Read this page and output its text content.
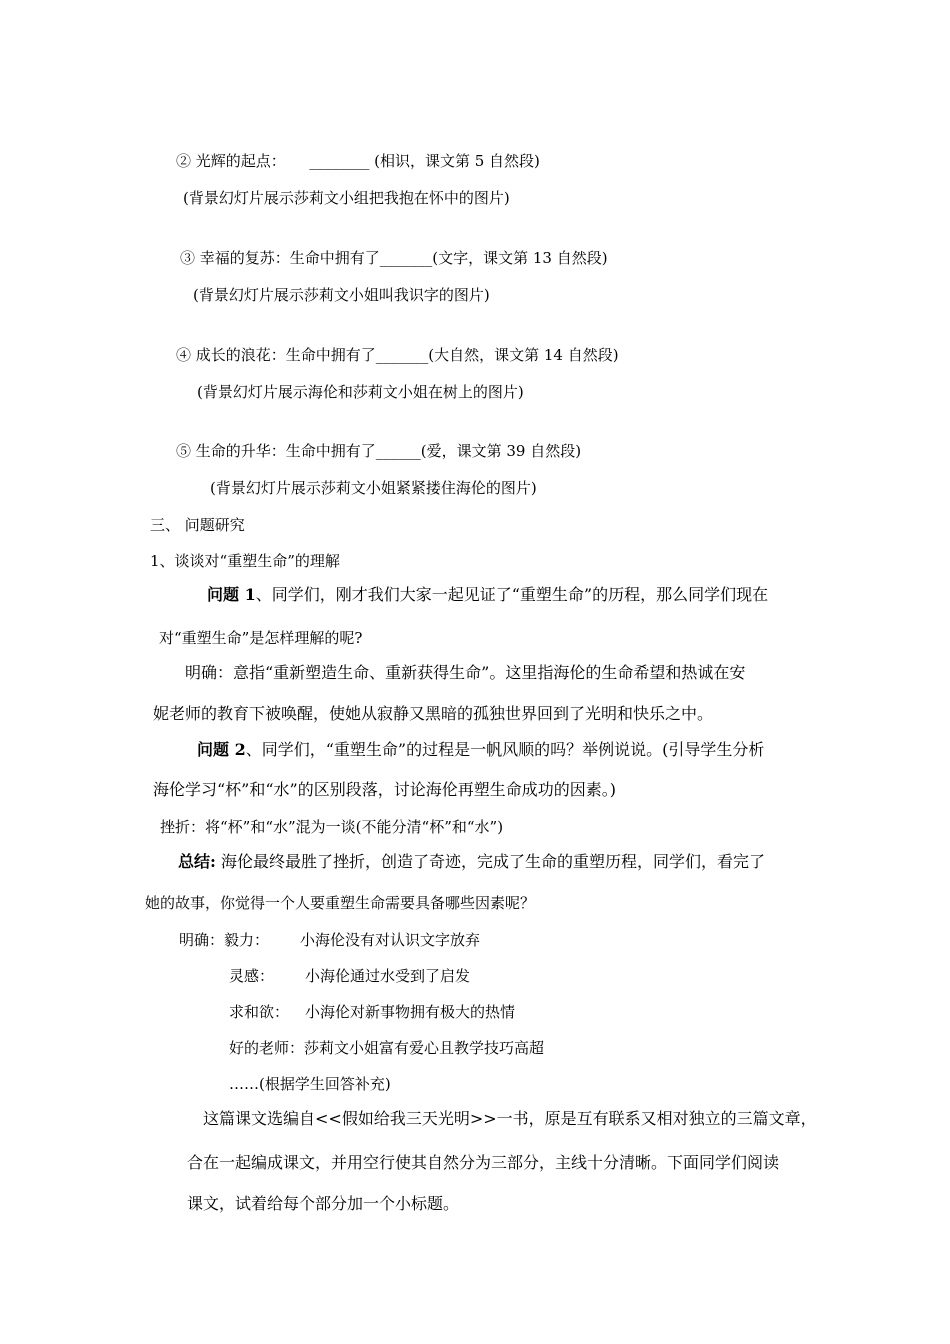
② 光辉的起点： ________ (相识，课文第 5 自然段)
(背景幻灯片展示莎莉文小组把我抱在怀中的图片)
③ 幸福的复苏：生命中拥有了_______(文字，课文第 13 自然段)
(背景幻灯片展示莎莉文小姐叫我识字的图片)
④ 成长的浪花：生命中拥有了_______(大自然，课文第 14 自然段)
(背景幻灯片展示海伦和莎莉文小姐在树上的图片)
⑤ 生命的升华：生命中拥有了______(爱，课文第 39 自然段)
(背景幻灯片展示莎莉文小姐紧紧搂住海伦的图片)
三、 问题研究
1、谈谈对“重塑生命”的理解
问题 1、同学们，刚才我们大家一起见证了“重塑生命”的历程，那么同学们现在
对“重塑生命”是怎样理解的呢?
明确：意指“重新塑造生命、重新获得生命”。这里指海伦的生命希望和热诚在安
妮老师的教育下被唤醒，使她从寂静又黑暗的孤独世界回到了光明和快乐之中。
问题 2、同学们，“重塑生命”的过程是一帆风顺的吗？举例说说。(引导学生分析
海伦学习“杯”和“水”的区别段落，讨论海伦再塑生命成功的因素。)
挫折：将“杯”和“水”混为一谈(不能分清“杯”和“水”)
总结: 海伦最终最胜了挫折，创造了奇迹，完成了生命的重塑历程，同学们，看完了
她的故事，你觉得一个人要重塑生命需要具备哪些因素呢？
明确：毅力： 小海伦没有对认识文字放弃
灵感： 小海伦通过水受到了启发
求和欲： 小海伦对新事物拥有极大的热情
好的老师：莎莉文小姐富有爱心且教学技巧高超
……(根据学生回答补充)
这篇课文选编自<<假如给我三天光明>>一书，原是互有联系又相对独立的三篇文章，
合在一起编成课文，并用空行使其自然分为三部分，主线十分清晰。下面同学们阅读
课文，试着给每个部分加一个小标题。
